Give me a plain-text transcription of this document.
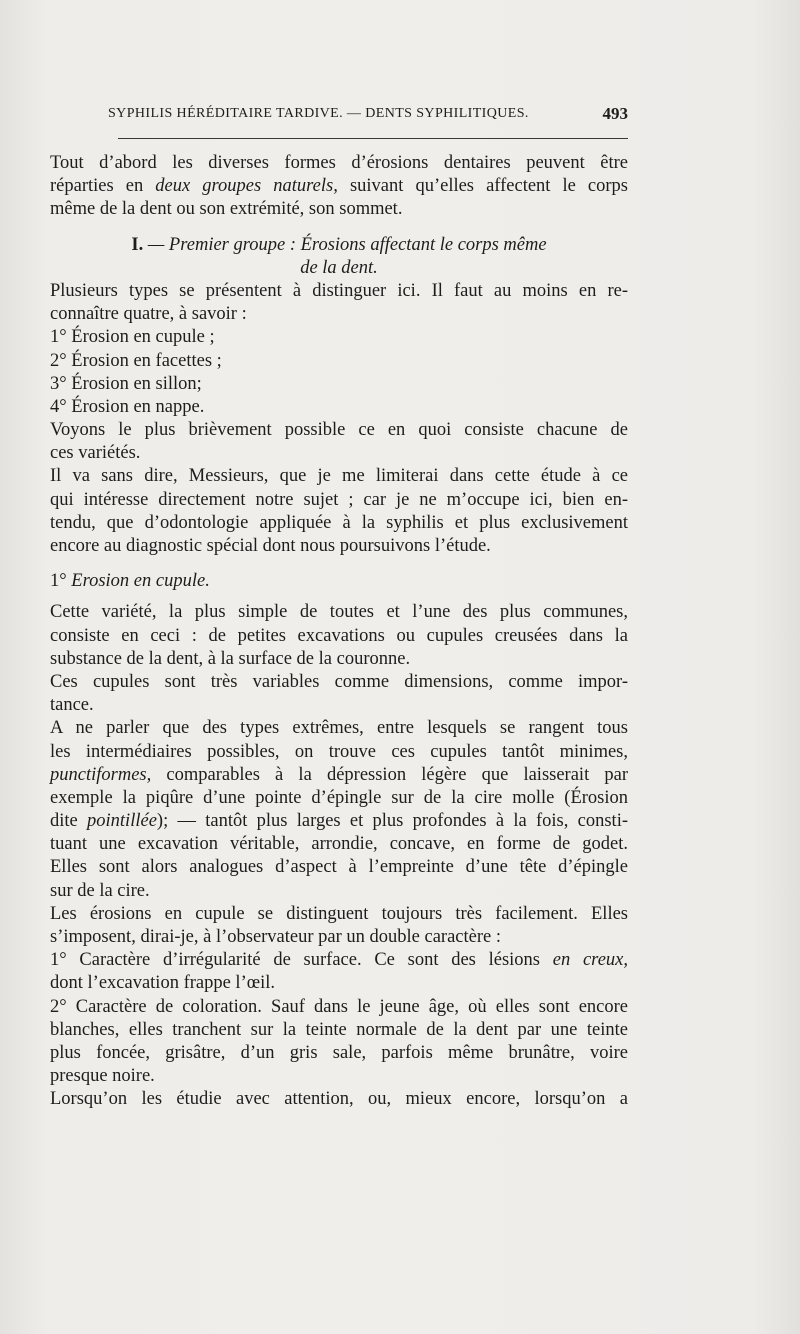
SYPHILIS HÉRÉDITAIRE TARDIVE. — DENTS SYPHILITIQUES.	493
Tout d’abord les diverses formes d’érosions dentaires peuvent être
réparties en deux groupes naturels, suivant qu’elles affectent le corps
même de la dent ou son extrémité, son sommet.
I. — Premier groupe : Érosions affectant le corps même
de la dent.
Plusieurs types se présentent à distinguer ici. Il faut au moins en re-
connaître quatre, à savoir :
1° Érosion en cupule ;
2° Érosion en facettes ;
3° Érosion en sillon;
4° Érosion en nappe.
Voyons le plus brièvement possible ce en quoi consiste chacune de
ces variétés.
Il va sans dire, Messieurs, que je me limiterai dans cette étude à ce
qui intéresse directement notre sujet ; car je ne m’occupe ici, bien en-
tendu, que d’odontologie appliquée à la syphilis et plus exclusivement
encore au diagnostic spécial dont nous poursuivons l’étude.
1° Erosion en cupule.
Cette variété, la plus simple de toutes et l’une des plus communes,
consiste en ceci : de petites excavations ou cupules creusées dans la
substance de la dent, à la surface de la couronne.
Ces cupules sont très variables comme dimensions, comme impor-
tance.
A ne parler que des types extrêmes, entre lesquels se rangent tous
les intermédiaires possibles, on trouve ces cupules tantôt minimes,
punctiformes, comparables à la dépression légère que laisserait par
exemple la piqûre d’une pointe d’épingle sur de la cire molle (Érosion
dite pointillée); — tantôt plus larges et plus profondes à la fois, consti-
tuant une excavation véritable, arrondie, concave, en forme de godet.
Elles sont alors analogues d’aspect à l’empreinte d’une tête d’épingle
sur de la cire.
Les érosions en cupule se distinguent toujours très facilement. Elles
s’imposent, dirai-je, à l’observateur par un double caractère :
1° Caractère d’irrégularité de surface. Ce sont des lésions en creux,
dont l’excavation frappe l’œil.
2° Caractère de coloration. Sauf dans le jeune âge, où elles sont encore
blanches, elles tranchent sur la teinte normale de la dent par une teinte
plus foncée, grisâtre, d’un gris sale, parfois même brunâtre, voire
presque noire.
Lorsqu’on les étudie avec attention, ou, mieux encore, lorsqu’on a
